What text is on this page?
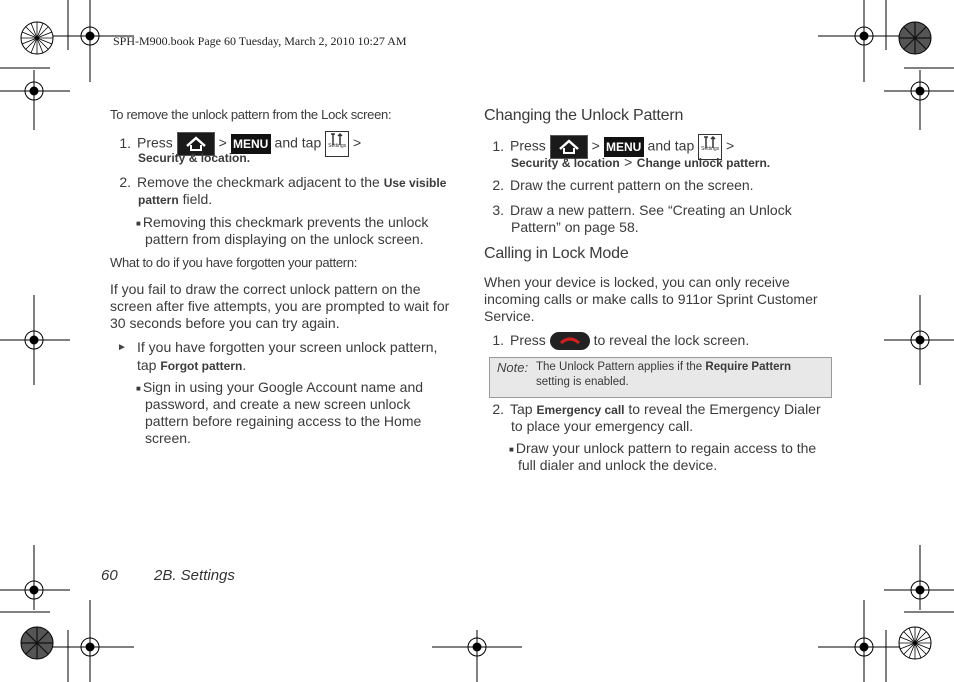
SPH-M900.book Page 60 Tuesday, March 2, 2010 10:27 AM
To remove the unlock pattern from the Lock screen:
1. Press	> MENU and tap	Settings >
Security & location.
2. Remove the checkmark adjacent to the Use visible
pattern field.
■ Removing this checkmark prevents the unlock
pattern from displaying on the unlock screen.
What to do if you have forgotten your pattern:
If you fail to draw the correct unlock pattern on the
screen after five attempts, you are prompted to wait for
30 seconds before you can try again.
► If you have forgotten your screen unlock pattern,
tap Forgot pattern.
■ Sign in using your Google Account name and
password, and create a new screen unlock
pattern before regaining access to the Home
screen.
Changing the Unlock Pattern
1. Press	> MENU and tap	Settings >
Security & location > Change unlock pattern.
2. Draw the current pattern on the screen.
3. Draw a new pattern. See “Creating an Unlock
Pattern” on page 58.
Calling in Lock Mode
When your device is locked, you can only receive
incoming calls or make calls to 911or Sprint Customer
Service.
1. Press	to reveal the lock screen.
Note: The Unlock Pattern applies if the Require Pattern
setting is enabled.
2. Tap Emergency call to reveal the Emergency Dialer
to place your emergency call.
■ Draw your unlock pattern to regain access to the
full dialer and unlock the device.
60 2B. Settings
